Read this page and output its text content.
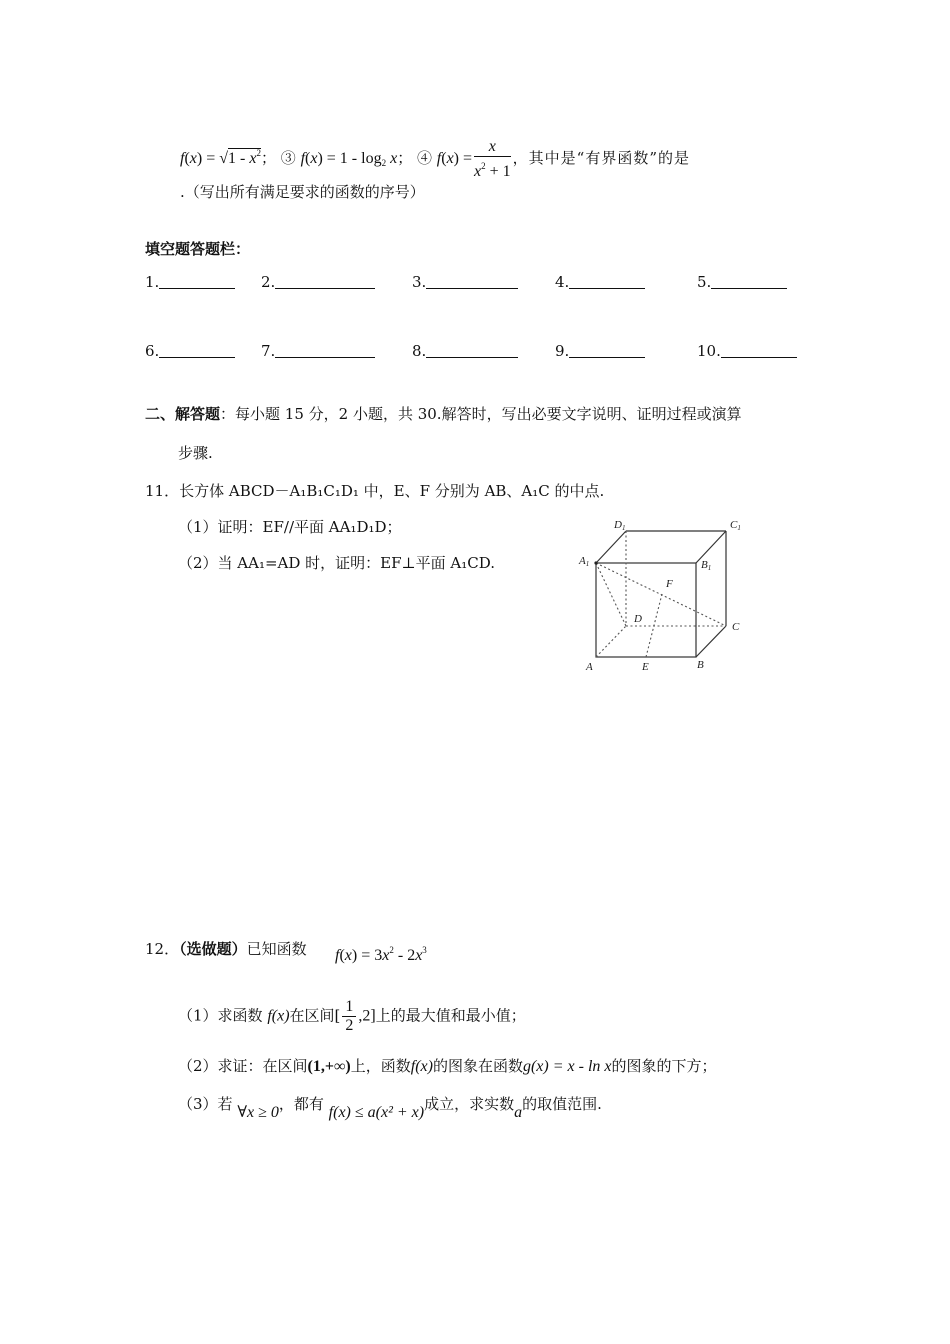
$f(x) = √1 - x^2$； ③ $f(x) = 1 - \log_2 x$； ④ $f(x) = \frac{x}{x^2 + 1}$ ，其中是“有界函数”的是
.（写出所有满足要求的函数的序号）
填空题答题栏：
1.	2.	3.	4.	5.
6.	7.	8.	9.	10.
二、解答题：每小题 15 分，2 小题，共 30.解答时，写出必要文字说明、证明过程或演算
步骤.
11．长方体 ABCD－A₁B₁C₁D₁ 中，E、F 分别为 AB、A₁C 的中点.
（1）证明：EF//平面 AA₁D₁D；
（2）当 AA₁=AD 时，证明：EF⊥平面 A₁CD.
D1	C1
A1	B1
F
D
C
A	E	B
12．（选做题）已知函数 $f(x) = 3x^2 - 2x^3$
（1）求函数 f(x)在区间[ $\frac{1}{2} ,2$]上的最大值和最小值；
（2）求证：在区间(1,+∞)上，函数f(x)的图象在函数g(x) = x - ln x的图象的下方；
（3）若 ∀x ≥ 0，都有 f(x) ≤ a(x² + x)成立，求实数a的取值范围.
